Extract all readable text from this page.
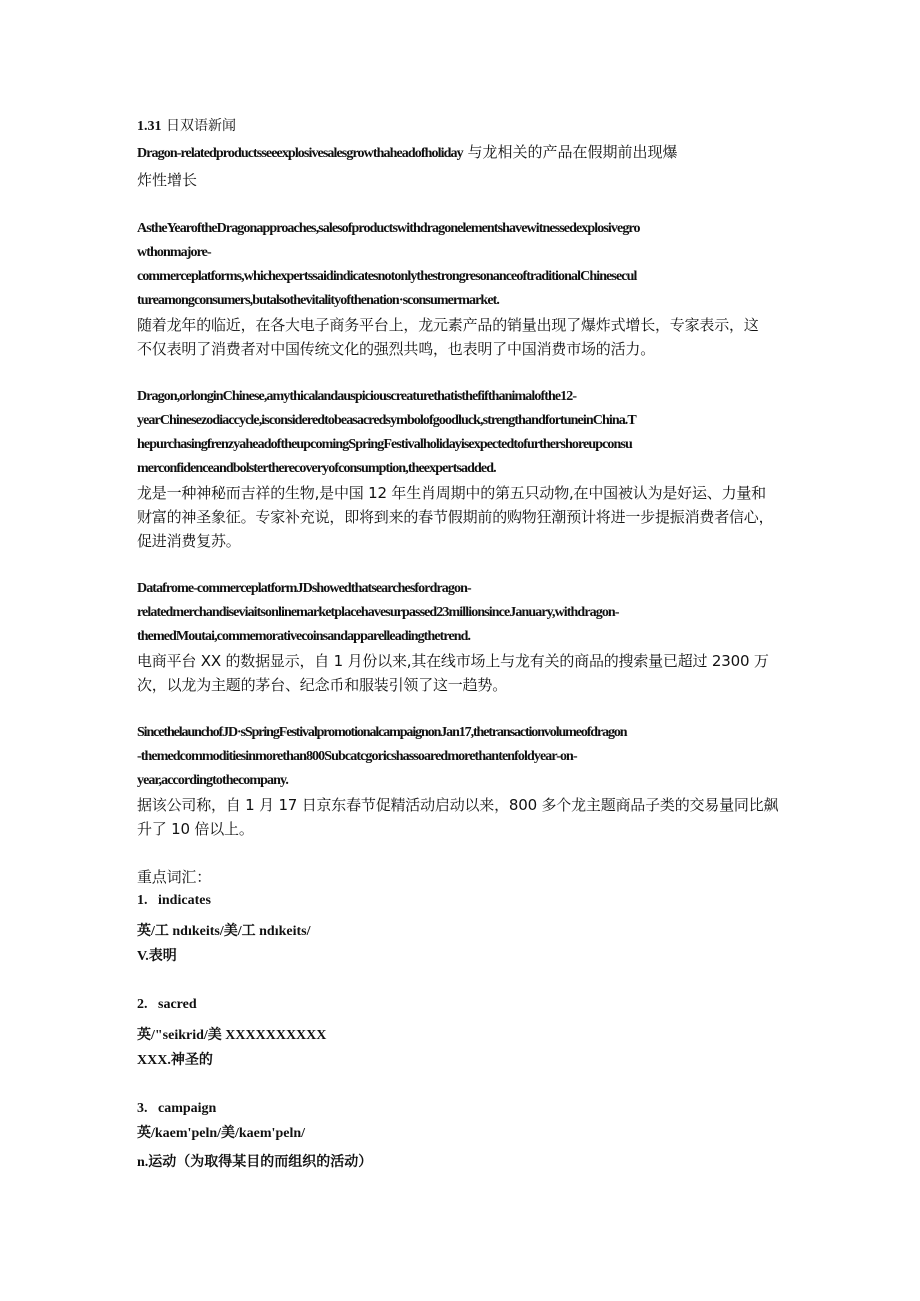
1.31 日双语新闻
Dragon-relatedproductsseeexplosivesalesgrowthaheadofholiday 与龙相关的产品在假期前出现爆
炸性增长
AstheYearoftheDragonapproaches,salesofproductswithdragonelementshavewitnessedexplosivegro
wthonmajore-
commerceplatforms,whichexpertssaidindicatesnotonlythestrongresonanceoftraditionalChinesecul
tureamongconsumers,butalsothevitalityofthenation·sconsumermarket.
随着龙年的临近，在各大电子商务平台上，龙元素产品的销量出现了爆炸式增长，专家表示，这
不仅表明了消费者对中国传统文化的强烈共鸣，也表明了中国消费市场的活力。
Dragon,orlonginChinese,amythicalandauspiciouscreaturethatisthefifthanimalofthe12-
yearChinesezodiaccycle,isconsideredtobeasacredsymbolofgoodluck,strengthandfortuneinChina.T
hepurchasingfrenzyaheadoftheupcomingSpringFestivalholidayisexpectedtofurthershoreupconsu
merconfidenceandbolstertherecoveryofconsumption,theexpertsadded.
龙是一种神秘而吉祥的生物,是中国 12 年生肖周期中的第五只动物,在中国被认为是好运、力量和
财富的神圣象征。专家补充说，即将到来的春节假期前的购物狂潮预计将进一步提振消费者信心，
促进消费复苏。
Datafrome-commerceplatformJDshowedthatsearchesfordragon-
relatedmerchandiseviaitsonlinemarketplacehavesurpassed23millionsinceJanuary,withdragon-
themedMoutai,commemorativecoinsandapparelleadingthetrend.
电商平台 XX 的数据显示，自 1 月份以来,其在线市场上与龙有关的商品的搜索量已超过 2300 万
次，以龙为主题的茅台、纪念币和服装引领了这一趋势。
SincethelaunchofJD·sSpringFestivalpromotionalcampaignonJan17,thetransactionvolumeofdragon
-themedcommoditiesinmorethan800Subcatcgoricshassoaredmorethantenfoldyear-on-
year,accordingtothecompany.
据该公司称，自 1 月 17 日京东春节促精活动启动以来，800 多个龙主题商品子类的交易量同比飙
升了 10 倍以上。
重点词汇：
1. indicates
英/工 ndıkeits/美/工 ndıkeits/
V.表明
2. sacred
英/"seikrid/美 XXXXXXXXXX
XXX.神圣的
3. campaign
英/kaem'peln/美/kaem'peln/
n.运动（为取得某目的而组织的活动）
